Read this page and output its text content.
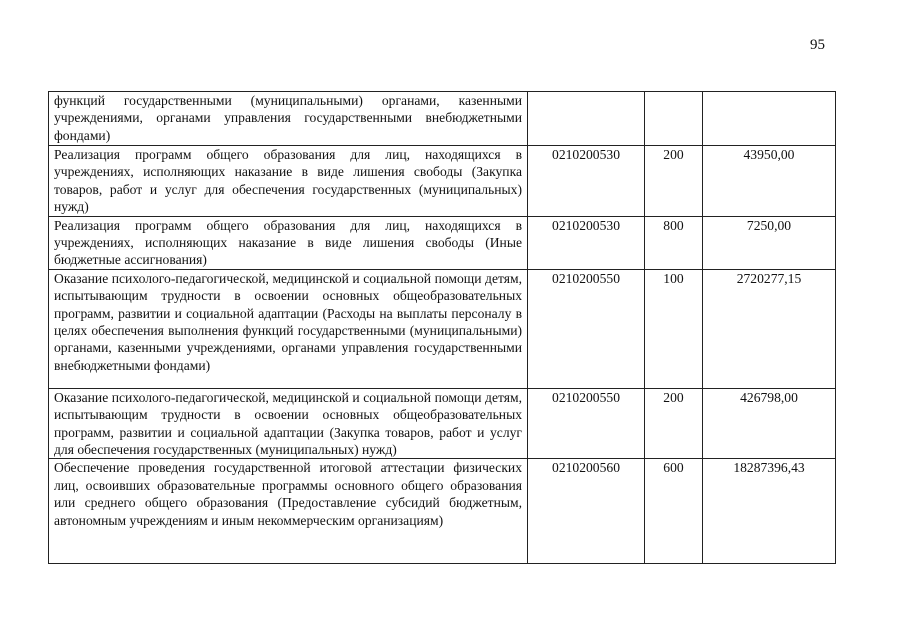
95
функций государственными (муниципальными) органами, казенными учреждениями, органами управления государственными внебюджетными фондами)			
Реализация программ общего образования для лиц, находящихся в учреждениях, исполняющих наказание в виде лишения свободы (Закупка товаров, работ и услуг для обеспечения государственных (муниципальных) нужд)	0210200530	200	43950,00
Реализация программ общего образования для лиц, находящихся в учреждениях, исполняющих наказание в виде лишения свободы (Иные бюджетные ассигнования)	0210200530	800	7250,00
Оказание психолого-педагогической, медицинской и социальной помощи детям, испытывающим трудности в освоении основных общеобразовательных программ, развитии и социальной адаптации (Расходы на выплаты персоналу в целях обеспечения выполнения функций государственными (муниципальными) органами, казенными учреждениями, органами управления государственными внебюджетными фондами)	0210200550	100	2720277,15
Оказание психолого-педагогической, медицинской и социальной помощи детям, испытывающим трудности в освоении основных общеобразовательных программ, развитии и социальной адаптации (Закупка товаров, работ и услуг для обеспечения государственных (муниципальных) нужд)	0210200550	200	426798,00
Обеспечение проведения государственной итоговой аттестации физических лиц, освоивших образовательные программы основного общего образования или среднего общего образования (Предоставление субсидий бюджетным, автономным учреждениям и иным некоммерческим организациям)	0210200560	600	18287396,43
